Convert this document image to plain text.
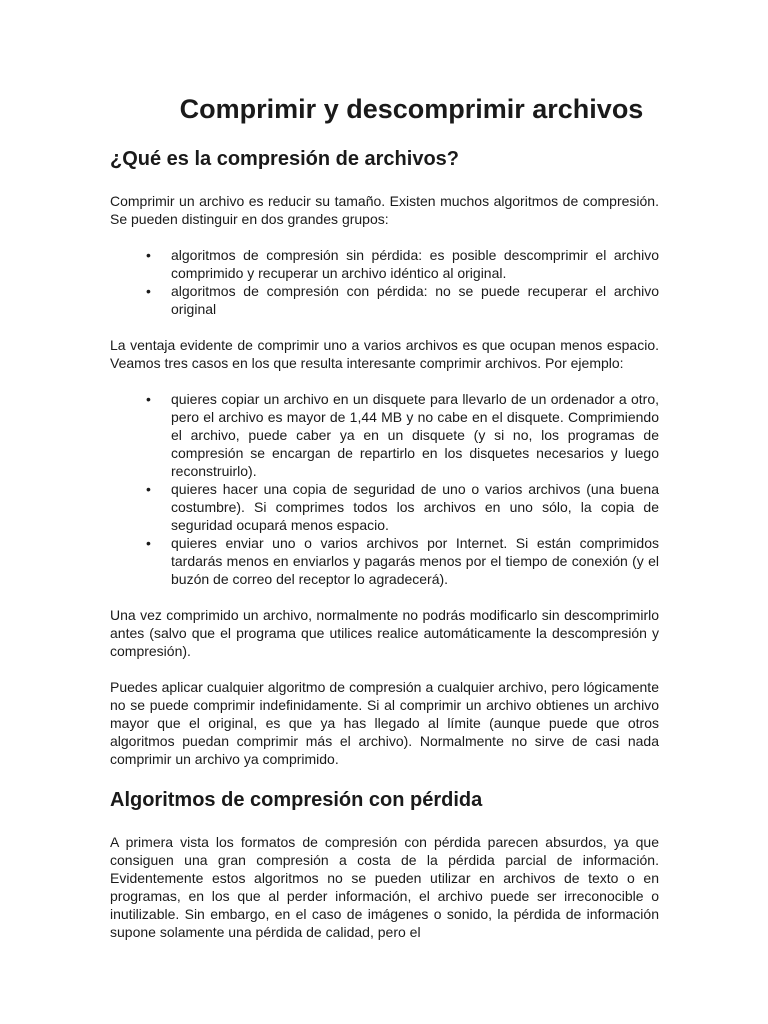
Comprimir y descomprimir archivos
¿Qué es la compresión de archivos?

Comprimir un archivo es reducir su tamaño. Existen muchos algoritmos de compresión. Se pueden distinguir en dos grandes grupos:

• algoritmos de compresión sin pérdida: es posible descomprimir el archivo comprimido y recuperar un archivo idéntico al original.
• algoritmos de compresión con pérdida: no se puede recuperar el archivo original

La ventaja evidente de comprimir uno a varios archivos es que ocupan menos espacio. Veamos tres casos en los que resulta interesante comprimir archivos. Por ejemplo:

• quieres copiar un archivo en un disquete para llevarlo de un ordenador a otro, pero el archivo es mayor de 1,44 MB y no cabe en el disquete. Comprimiendo el archivo, puede caber ya en un disquete (y si no, los programas de compresión se encargan de repartirlo en los disquetes necesarios y luego reconstruirlo).
• quieres hacer una copia de seguridad de uno o varios archivos (una buena costumbre). Si comprimes todos los archivos en uno sólo, la copia de seguridad ocupará menos espacio.
• quieres enviar uno o varios archivos por Internet. Si están comprimidos tardarás menos en enviarlos y pagarás menos por el tiempo de conexión (y el buzón de correo del receptor lo agradecerá).

Una vez comprimido un archivo, normalmente no podrás modificarlo sin descomprimirlo antes (salvo que el programa que utilices realice automáticamente la descompresión y compresión).

Puedes aplicar cualquier algoritmo de compresión a cualquier archivo, pero lógicamente no se puede comprimir indefinidamente. Si al comprimir un archivo obtienes un archivo mayor que el original, es que ya has llegado al límite (aunque puede que otros algoritmos puedan comprimir más el archivo). Normalmente no sirve de casi nada comprimir un archivo ya comprimido.

Algoritmos de compresión con pérdida

A primera vista los formatos de compresión con pérdida parecen absurdos, ya que consiguen una gran compresión a costa de la pérdida parcial de información. Evidentemente estos algoritmos no se pueden utilizar en archivos de texto o en programas, en los que al perder información, el archivo puede ser irreconocible o inutilizable. Sin embargo, en el caso de imágenes o sonido, la pérdida de información supone solamente una pérdida de calidad, pero el
